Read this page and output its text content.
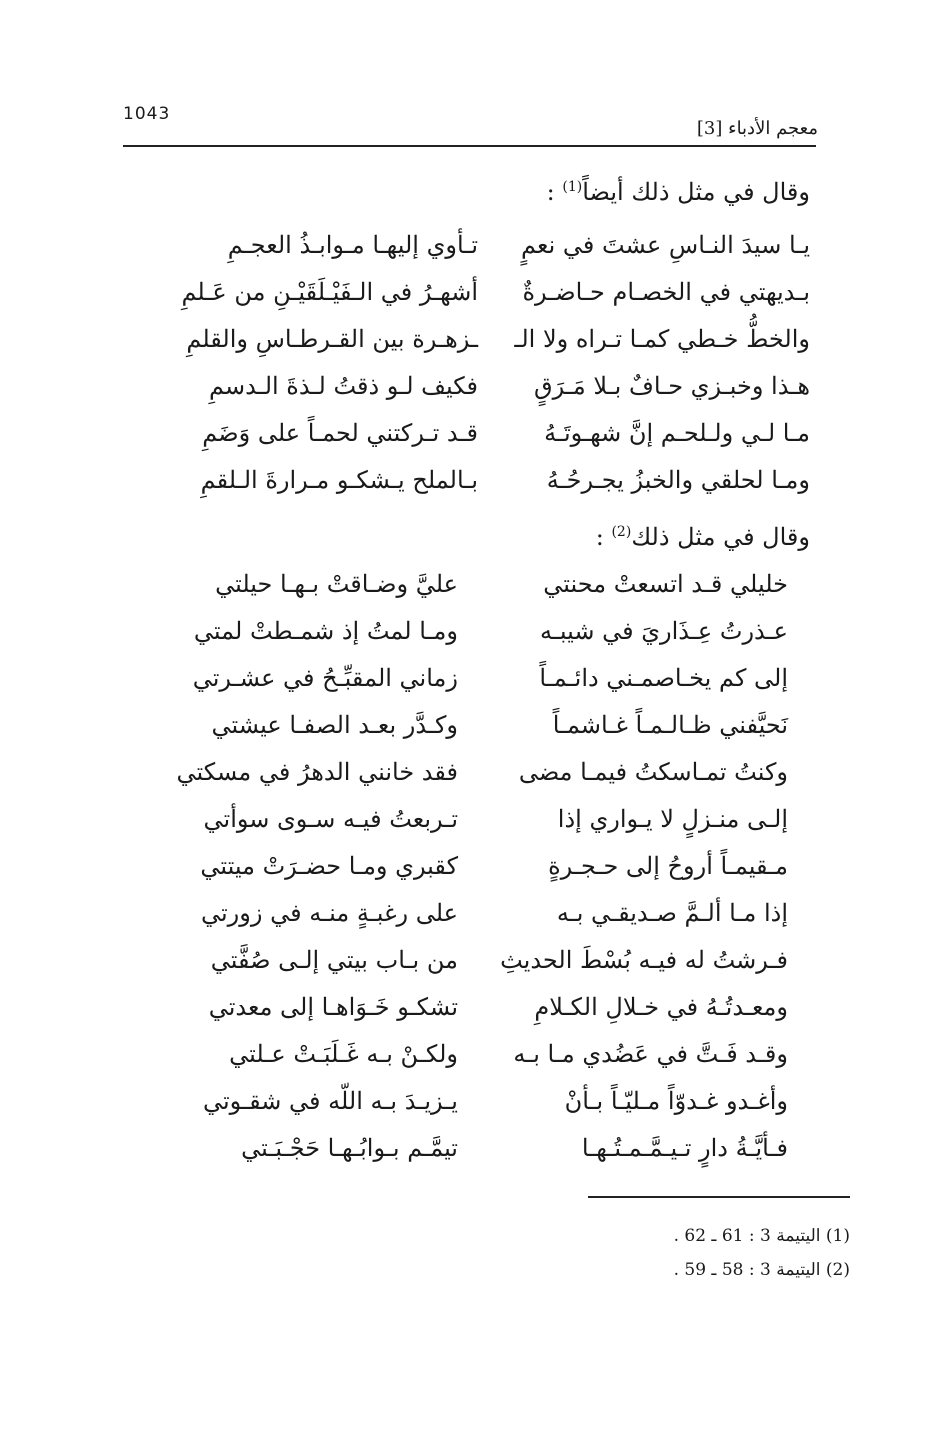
1043
معجم الأدباء [3]
وقال في مثل ذلك أيضاً$^{(1)}$ :
يـا سيدَ النـاسِ عشتَ في نعمٍ
تـأوي إليهـا مـوابـذُ العجـمِ
بـديهتي في الخصـام حـاضـرةٌ
أشهـرُ في الـفَيْـلَقَيْـنِ من عَـلمِ
والخطُّ خـطي كمـا تـراه ولا الـ
ـزهـرة بين القـرطـاسِ والقلمِ
هـذا وخبـزي حـافٌ بـلا مَـرَقٍ
فكيف لـو ذقتُ لـذةَ الـدسمِ
مـا لـي ولـلحـم إنَّ شهـوتَـهُ
قـد تـركتني لحمـاً على وَضَمِ
ومـا لحلقي والخبزُ يجـرحُـهُ
بـالملح يـشكـو مـرارةَ الـلقمِ
وقال في مثل ذلك$^{(2)}$ :
خليلي قـد اتسعتْ محنتي
عليَّ وضـاقتْ بـهـا حيلتي
عـذرتُ عِـذَاريَ في شيبـه
ومـا لمتُ إذ شمـطتْ لمتي
إلى كم يخـاصمـني دائـمـاً
زماني المقبِّـحُ في عشـرتي
نَحيَّفني ظـالـمـاً غـاشمـاً
وكـدَّر بعـد الصفـا عيشتي
وكنتُ تمـاسكتُ فيمـا مضى
فقد خانني الدهرُ في مسكتي
إلـى منـزلٍ لا يـواري إذا
تـربعتُ فيـه سـوى سوأتي
مـقيمـاً أروحُ إلى حـجـرةٍ
كقبري ومـا حضـرَتْ ميتتي
إذا مـا ألـمَّ صـديقـي بـه
على رغبـةٍ منـه في زورتي
فـرشتُ له فيـه بُسْطَ الحديثِ
من بـاب بيتي إلـى صُفَّتي
ومعـدتُـهُ في خـلالِ الكـلامِ
تشكـو خَـوَاهـا إلى معدتي
وقـد فَـتَّ في عَضُدي مـا بـه
ولكـنْ بـه غَـلَبَـتْ عـلتي
وأغـدو غـدوّاً مـليّـاً بـأنْ
يـزيـدَ بـه اللّه في شقـوتي
فـأيَّـةُ دارٍ تـيـمَّـمـتُـهـا
تيمَّـم بـوابُـهـا حَجْـبَـتي
(1) اليتيمة 3 : 61 ـ 62 .
(2) اليتيمة 3 : 58 ـ 59 .
